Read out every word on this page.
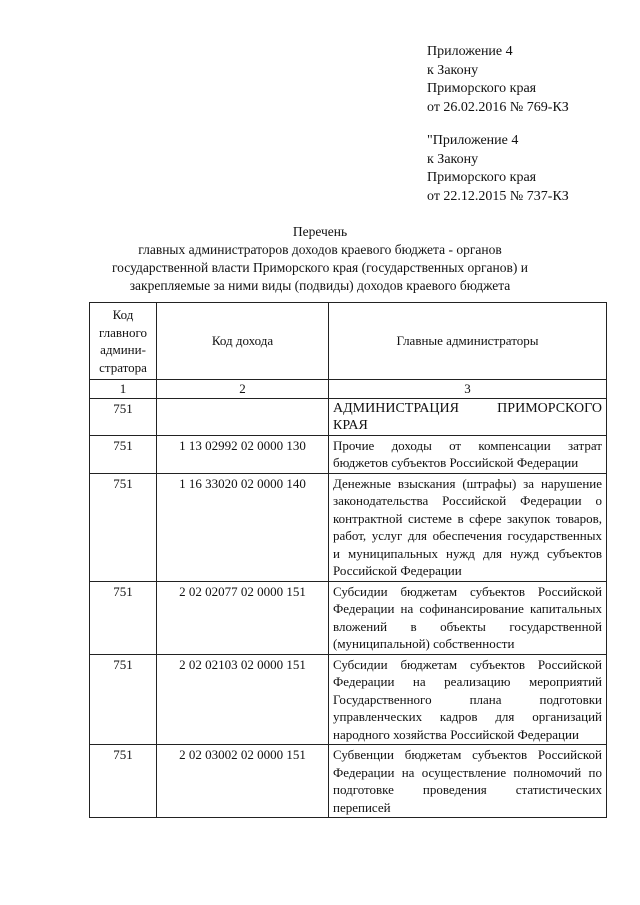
Приложение 4
к Закону
Приморского края
от 26.02.2016 № 769-КЗ
"Приложение 4
к Закону
Приморского края
от 22.12.2015 № 737-КЗ
Перечень
главных администраторов доходов краевого бюджета - органов государственной власти Приморского края (государственных органов) и закрепляемые за ними виды (подвиды) доходов краевого бюджета
Код главного админи-стратора	Код дохода	Главные администраторы
1	2	3
751		АДМИНИСТРАЦИЯ ПРИМОРСКОГО КРАЯ
751	1 13 02992 02 0000 130	Прочие доходы от компенсации затрат бюджетов субъектов Российской Федерации
751	1 16 33020 02 0000 140	Денежные взыскания (штрафы) за нарушение законодательства Российской Федерации о контрактной системе в сфере закупок товаров, работ, услуг для обеспечения государственных и муниципальных нужд для нужд субъектов Российской Федерации
751	2 02 02077 02 0000 151	Субсидии бюджетам субъектов Российской Федерации на софинансирование капитальных вложений в объекты государственной (муниципальной) собственности
751	2 02 02103 02 0000 151	Субсидии бюджетам субъектов Российской Федерации на реализацию мероприятий Государственного плана подготовки управленческих кадров для организаций народного хозяйства Российской Федерации
751	2 02 03002 02 0000 151	Субвенции бюджетам субъектов Российской Федерации на осуществление полномочий по подготовке проведения статистических переписей
